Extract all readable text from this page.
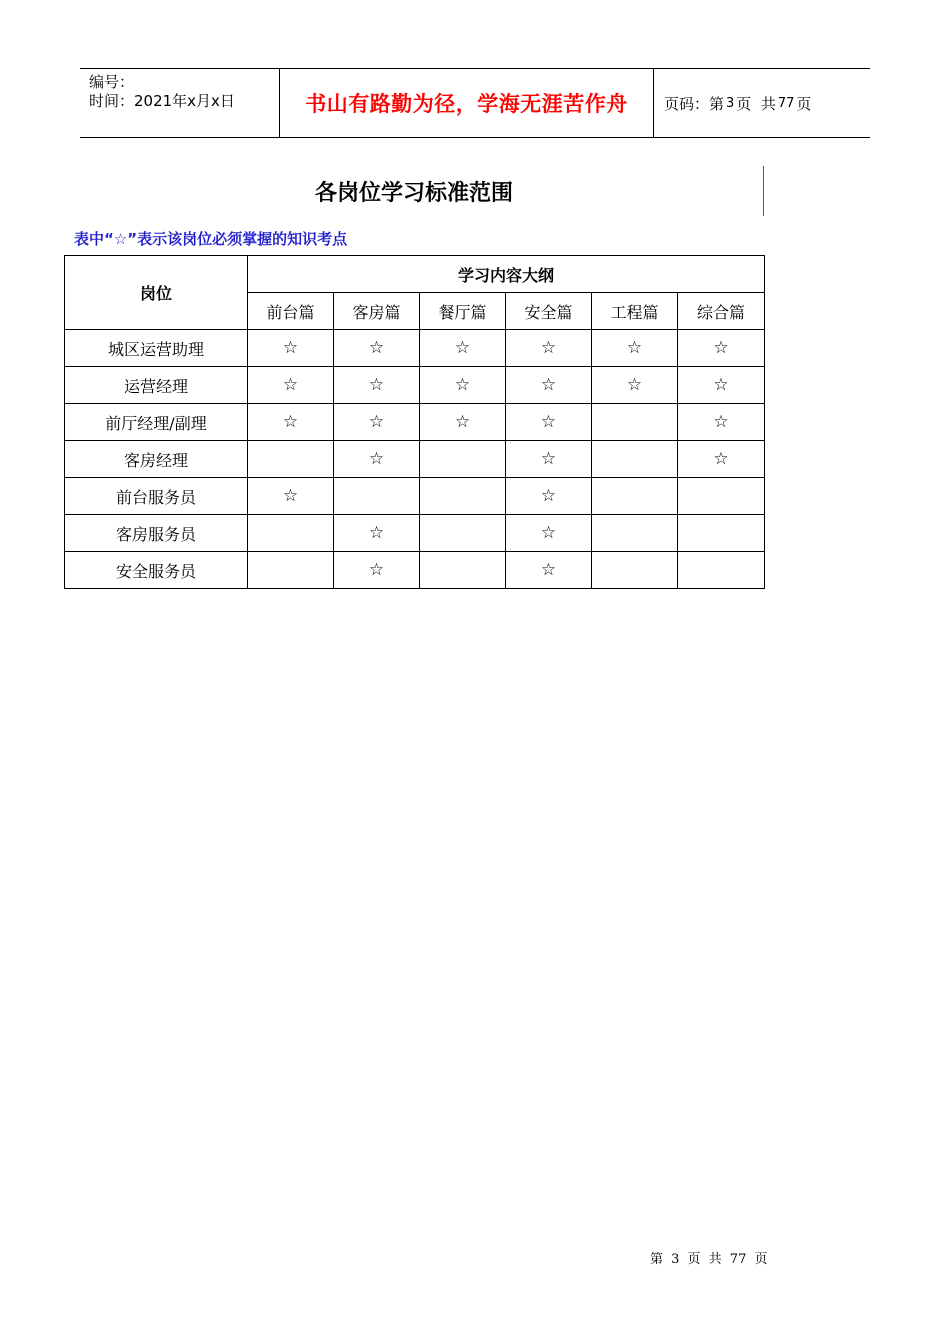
编号：
时间：2021年x月x日	书山有路勤为径，学海无涯苦作舟	页码：第 3 页  共 77 页
各岗位学习标准范围
表中“☆”表示该岗位必须掌握的知识考点
岗位	学习内容大纲					
	前台篇	客房篇	餐厅篇	安全篇	工程篇	综合篇
城区运营助理	☆	☆	☆	☆	☆	☆
运营经理	☆	☆	☆	☆	☆	☆
前厅经理/副理	☆	☆	☆	☆		☆
客房经理		☆		☆		☆
前台服务员	☆			☆		
客房服务员		☆		☆		
安全服务员		☆		☆		
第 3 页 共 77 页
